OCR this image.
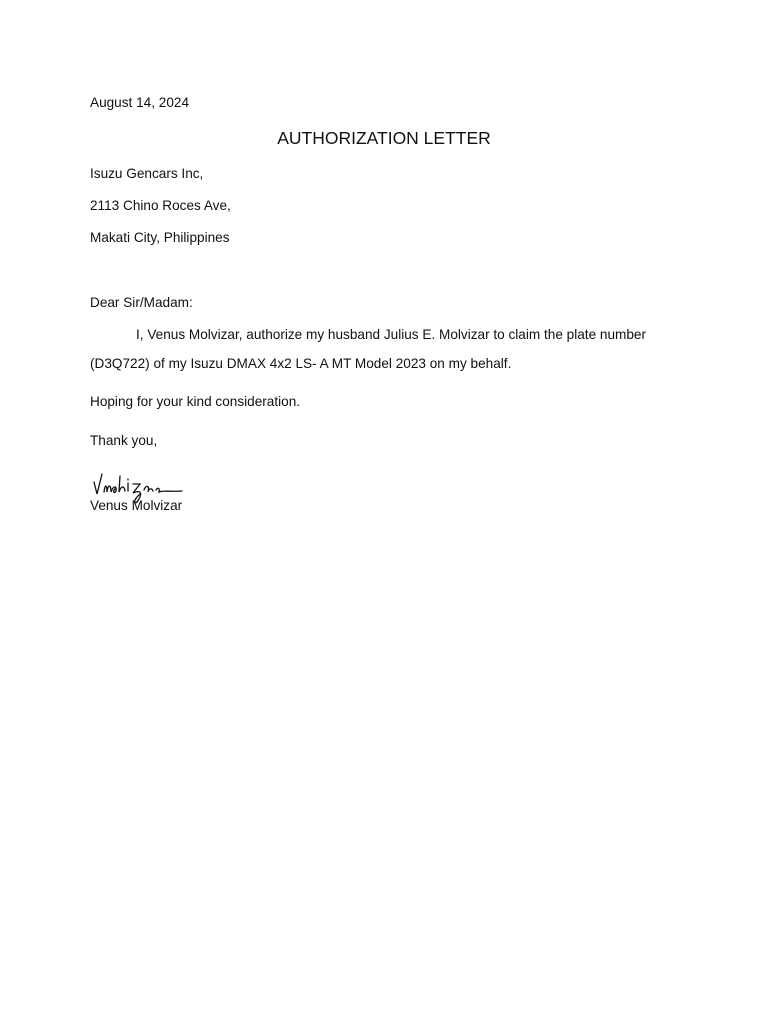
August 14, 2024
AUTHORIZATION LETTER
Isuzu Gencars Inc,
2113 Chino Roces Ave,
Makati City, Philippines
Dear Sir/Madam:
I, Venus Molvizar, authorize my husband Julius E. Molvizar to claim the plate number
(D3Q722) of my Isuzu DMAX 4x2 LS- A MT Model 2023 on my behalf.
Hoping for your kind consideration.
Thank you,
Venus Molvizar
